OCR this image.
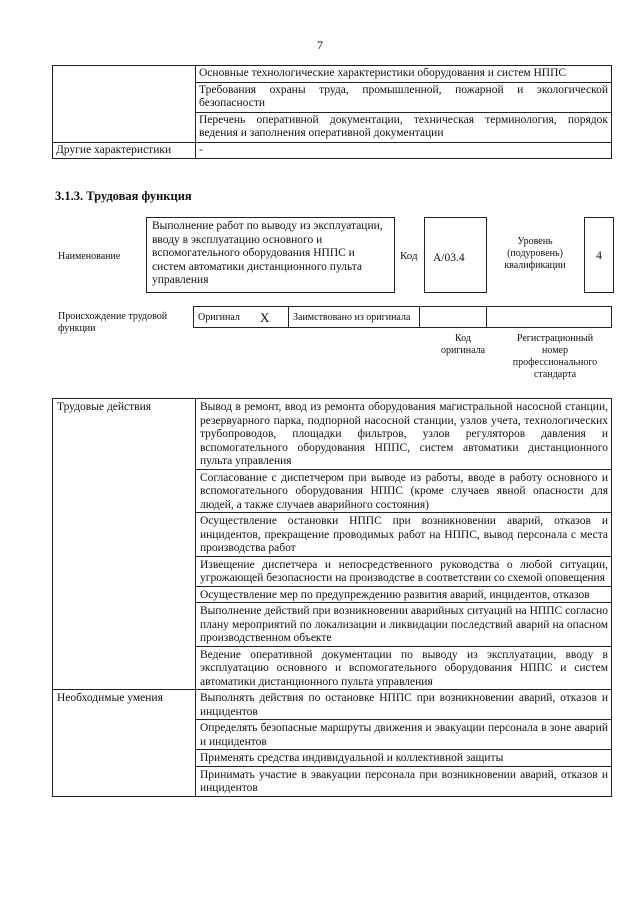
7
	Основные технологические характеристики оборудования и систем НППС
	Требования охраны труда, промышленной, пожарной и экологической безопасности
	Перечень оперативной документации, техническая терминология, порядок ведения и заполнения оперативной документации
Другие характеристики	-
3.1.3. Трудовая функция
Наименование
Выполнение работ по выводу из эксплуатации, вводу в эксплуатацию основного и вспомогательного оборудования НППС и систем автоматики дистанционного пульта управления
Код	А/03.4
Уровень (подуровень) квалификации
4
Происхождение трудовой функции
Оригинал	X	Заимствовано из оригинала		
Код оригинала
Регистрационный номер профессионального стандарта
Трудовые действия	Вывод в ремонт, ввод из ремонта оборудования магистральной насосной станции, резервуарного парка, подпорной насосной станции, узлов учета, технологических трубопроводов, площадки фильтров, узлов регуляторов давления и вспомогательного оборудования НППС, систем автоматики дистанционного пульта управления
	Согласование с диспетчером при выводе из работы, вводе в работу основного и вспомогательного оборудования НППС (кроме случаев явной опасности для людей, а также случаев аварийного состояния)
	Осуществление остановки НППС при возникновении аварий, отказов и инцидентов, прекращение проводимых работ на НППС, вывод персонала с места производства работ
	Извещение диспетчера и непосредственного руководства о любой ситуации, угрожающей безопасности на производстве в соответствии со схемой оповещения
	Осуществление мер по предупреждению развития аварий, инцидентов, отказов
	Выполнение действий при возникновении аварийных ситуаций на НППС согласно плану мероприятий по локализации и ликвидации последствий аварий на опасном производственном объекте
	Ведение оперативной документации по выводу из эксплуатации, вводу в эксплуатацию основного и вспомогательного оборудования НППС и систем автоматики дистанционного пульта управления
Необходимые умения	Выполнять действия по остановке НППС при возникновении аварий, отказов и инцидентов
	Определять безопасные маршруты движения и эвакуации персонала в зоне аварий и инцидентов
	Применять средства индивидуальной и коллективной защиты
	Принимать участие в эвакуации персонала при возникновении аварий, отказов и инцидентов
